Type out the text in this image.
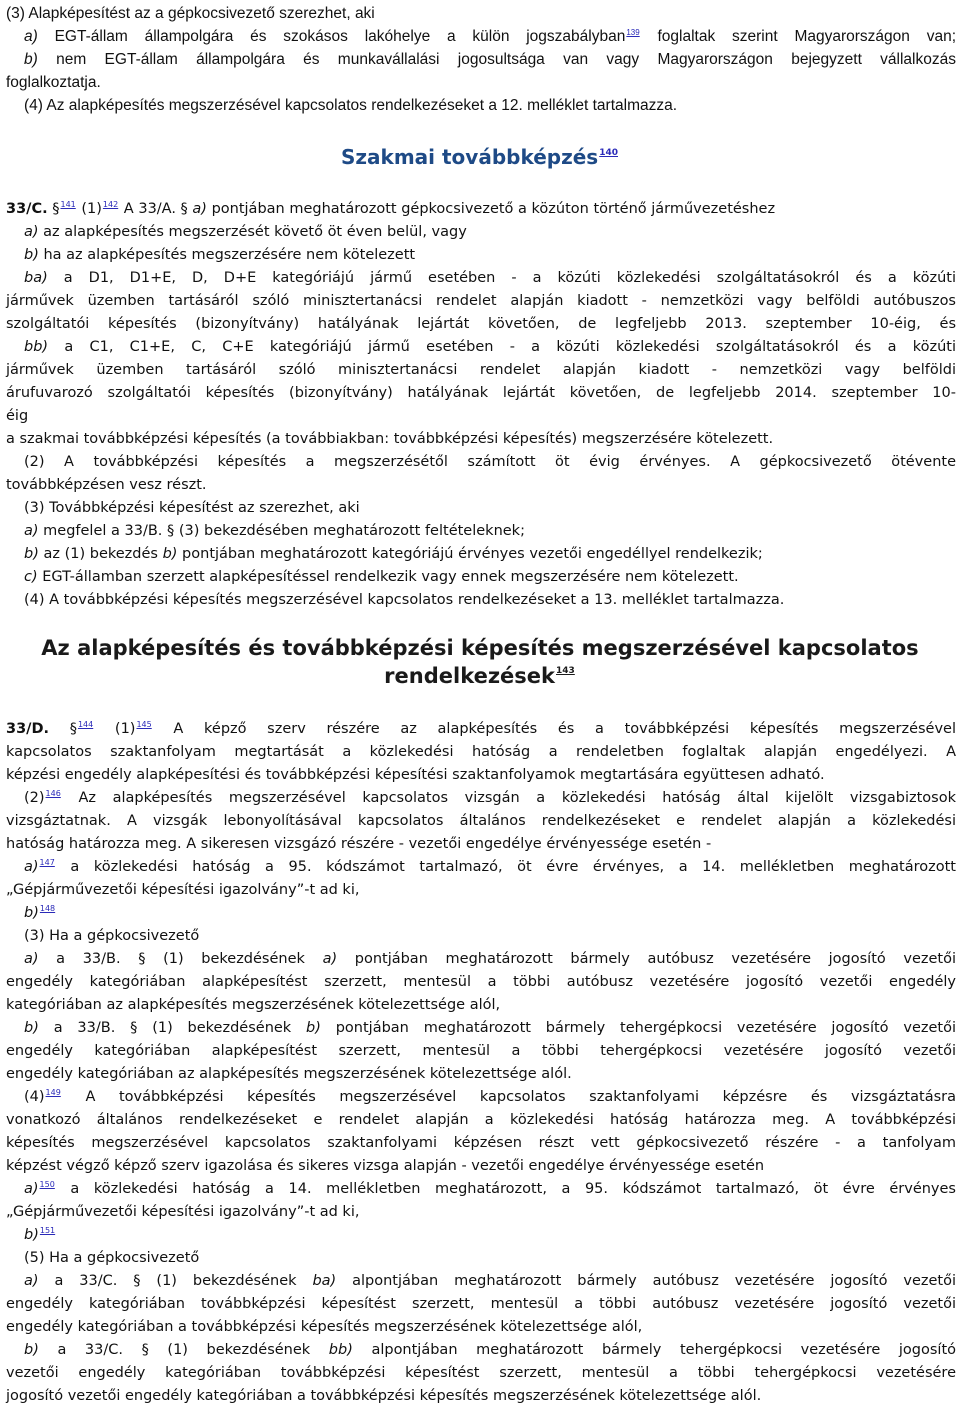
(3) Alapképesítést az a gépkocsivezető szerezhet, aki

a) EGT-állam állampolgára és szokásos lakóhelye a külön jogszabályban$^{139}$ foglaltak szerint Magyarországon van;

b) nem EGT-állam állampolgára és munkavállalási jogosultsága van vagy Magyarországon bejegyzett vállalkozás

foglalkoztatja.

(4) Az alapképesítés megszerzésével kapcsolatos rendelkezéseket a 12. melléklet tartalmazza.

Szakmai továbbképzés$^{140}$

33/C. §$^{141}$ (1)$^{142}$ A 33/A. § a) pontjában meghatározott gépkocsivezető a közúton történő járművezetéshez

a) az alapképesítés megszerzését követő öt éven belül, vagy

b) ha az alapképesítés megszerzésére nem kötelezett

ba) a D1, D1+E, D, D+E kategóriájú jármű esetében - a közúti közlekedési szolgáltatásokról és a közúti

járművek üzemben tartásáról szóló minisztertanácsi rendelet alapján kiadott - nemzetközi vagy belföldi autóbuszos

szolgáltatói képesítés (bizonyítvány) hatályának lejártát követően, de legfeljebb 2013. szeptember 10-éig, és

bb) a C1, C1+E, C, C+E kategóriájú jármű esetében - a közúti közlekedési szolgáltatásokról és a közúti

járművek üzemben tartásáról szóló minisztertanácsi rendelet alapján kiadott - nemzetközi vagy belföldi

árufuvarozó szolgáltatói képesítés (bizonyítvány) hatályának lejártát követően, de legfeljebb 2014. szeptember 10-

éig

a szakmai továbbképzési képesítés (a továbbiakban: továbbképzési képesítés) megszerzésére kötelezett.

(2) A továbbképzési képesítés a megszerzésétől számított öt évig érvényes. A gépkocsivezető ötévente

továbbképzésen vesz részt.

(3) Továbbképzési képesítést az szerezhet, aki

a) megfelel a 33/B. § (3) bekezdésében meghatározott feltételeknek;

b) az (1) bekezdés b) pontjában meghatározott kategóriájú érvényes vezetői engedéllyel rendelkezik;

c) EGT-államban szerzett alapképesítéssel rendelkezik vagy ennek megszerzésére nem kötelezett.

(4) A továbbképzési képesítés megszerzésével kapcsolatos rendelkezéseket a 13. melléklet tartalmazza.

Az alapképesítés és továbbképzési képesítés megszerzésével kapcsolatos
rendelkezések$^{143}$

33/D. §$^{144}$ (1)$^{145}$ A képző szerv részére az alapképesítés és a továbbképzési képesítés megszerzésével

kapcsolatos szaktanfolyam megtartását a közlekedési hatóság a rendeletben foglaltak alapján engedélyezi. A

képzési engedély alapképesítési és továbbképzési képesítési szaktanfolyamok megtartására együttesen adható.

(2)$^{146}$ Az alapképesítés megszerzésével kapcsolatos vizsgán a közlekedési hatóság által kijelölt vizsgabiztosok

vizsgáztatnak. A vizsgák lebonyolításával kapcsolatos általános rendelkezéseket e rendelet alapján a közlekedési

hatóság határozza meg. A sikeresen vizsgázó részére - vezetői engedélye érvényessége esetén -

a)$^{147}$ a közlekedési hatóság a 95. kódszámot tartalmazó, öt évre érvényes, a 14. mellékletben meghatározott

„Gépjárművezetői képesítési igazolvány”-t ad ki,

b)$^{148}$

(3) Ha a gépkocsivezető

a) a 33/B. § (1) bekezdésének a) pontjában meghatározott bármely autóbusz vezetésére jogosító vezetői

engedély kategóriában alapképesítést szerzett, mentesül a többi autóbusz vezetésére jogosító vezetői engedély

kategóriában az alapképesítés megszerzésének kötelezettsége alól,

b) a 33/B. § (1) bekezdésének b) pontjában meghatározott bármely tehergépkocsi vezetésére jogosító vezetői

engedély kategóriában alapképesítést szerzett, mentesül a többi tehergépkocsi vezetésére jogosító vezetői

engedély kategóriában az alapképesítés megszerzésének kötelezettsége alól.

(4)$^{149}$ A továbbképzési képesítés megszerzésével kapcsolatos szaktanfolyami képzésre és vizsgáztatásra

vonatkozó általános rendelkezéseket e rendelet alapján a közlekedési hatóság határozza meg. A továbbképzési

képesítés megszerzésével kapcsolatos szaktanfolyami képzésen részt vett gépkocsivezető részére - a tanfolyam

képzést végző képző szerv igazolása és sikeres vizsga alapján - vezetői engedélye érvényessége esetén

a)$^{150}$ a közlekedési hatóság a 14. mellékletben meghatározott, a 95. kódszámot tartalmazó, öt évre érvényes

„Gépjárművezetői képesítési igazolvány”-t ad ki,

b)$^{151}$

(5) Ha a gépkocsivezető

a) a 33/C. § (1) bekezdésének ba) alpontjában meghatározott bármely autóbusz vezetésére jogosító vezetői

engedély kategóriában továbbképzési képesítést szerzett, mentesül a többi autóbusz vezetésére jogosító vezetői

engedély kategóriában a továbbképzési képesítés megszerzésének kötelezettsége alól,

b) a 33/C. § (1) bekezdésének bb) alpontjában meghatározott bármely tehergépkocsi vezetésére jogosító

vezetői engedély kategóriában továbbképzési képesítést szerzett, mentesül a többi tehergépkocsi vezetésére

jogosító vezetői engedély kategóriában a továbbképzési képesítés megszerzésének kötelezettsége alól.
